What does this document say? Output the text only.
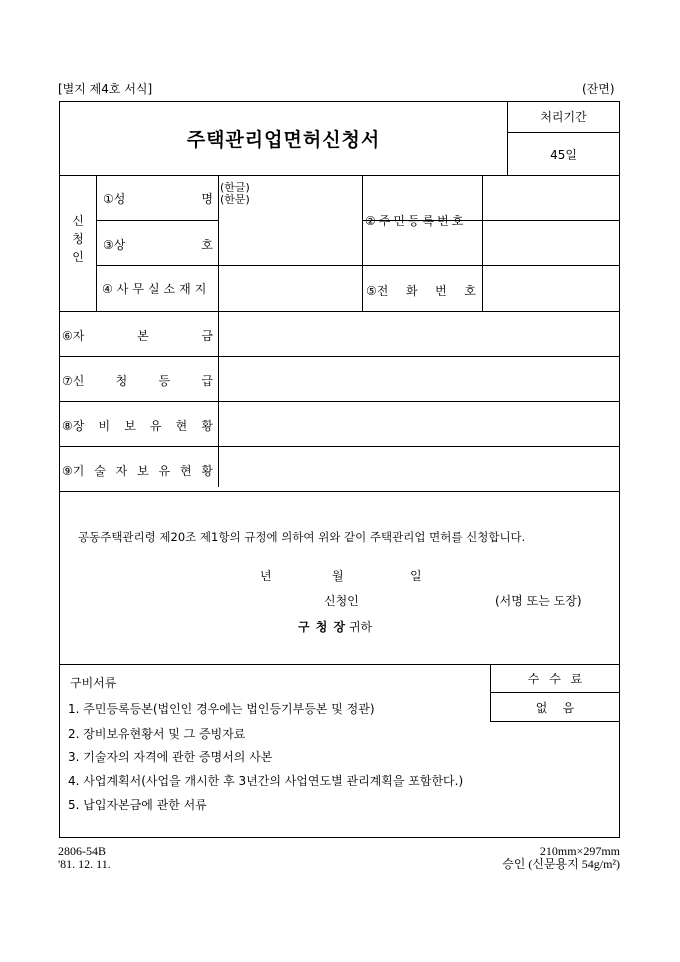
[별지 제4호 서식]	(잔면)
주택관리업면허신청서
처리기간
45일
신
청
인
①성	명
(한글)
(한문)
②주민등록번호
③상	호
④사무실소재지	⑤전 화 번 호
⑥자	본	금
⑦신	청	등	급
⑧장 비 보 유 현 황
⑨기 술 자 보 유 현 황
공동주택관리령 제20조 제1항의 규정에 의하여 위와 같이 주택관리업 면허를 신청합니다.
년	월	일
신청인	(서명 또는 도장)
구 청 장 귀하
구비서류
1. 주민등록등본(법인인 경우에는 법인등기부등본 및 정관)
2. 장비보유현황서 및 그 증빙자료
3. 기술자의 자격에 관한 증명서의 사본
4. 사업계획서(사업을 개시한 후 3년간의 사업연도별 관리계획을 포함한다.)
5. 납입자본금에 관한 서류
수 수 료
없    음
2806-54B
'81. 12. 11.
210mm×297mm
승인 (신문용지 54g/m²)
